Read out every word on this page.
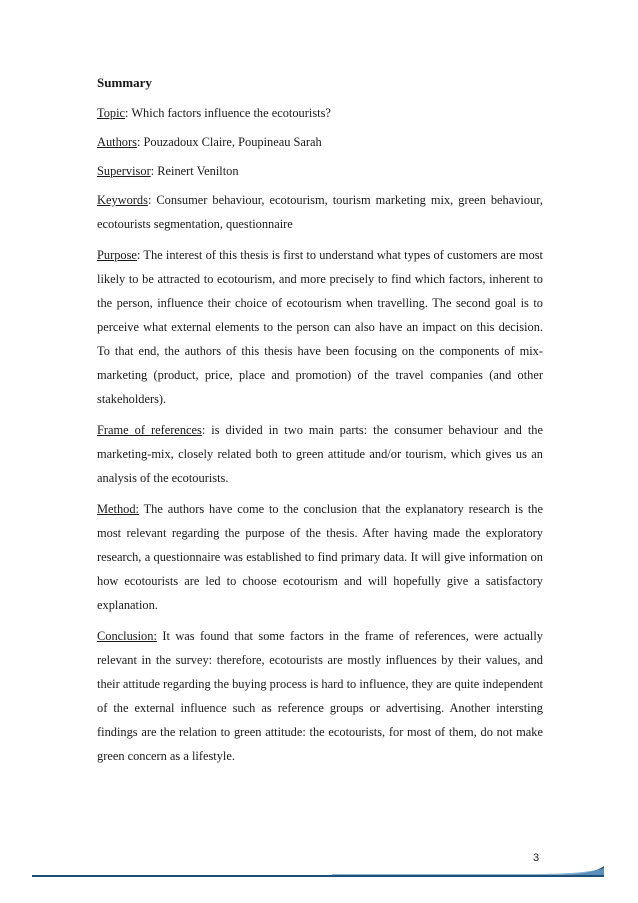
Summary

Topic: Which factors influence the ecotourists?

Authors: Pouzadoux Claire, Poupineau Sarah

Supervisor: Reinert Venilton

Keywords: Consumer behaviour, ecotourism, tourism marketing mix, green behaviour, ecotourists segmentation, questionnaire

Purpose: The interest of this thesis is first to understand what types of customers are most likely to be attracted to ecotourism, and more precisely to find which factors, inherent to the person, influence their choice of ecotourism when travelling. The second goal is to perceive what external elements to the person can also have an impact on this decision. To that end, the authors of this thesis have been focusing on the components of mix-marketing (product, price, place and promotion) of the travel companies (and other stakeholders).

Frame of references: is divided in two main parts: the consumer behaviour and the marketing-mix, closely related both to green attitude and/or tourism, which gives us an analysis of the ecotourists.

Method: The authors have come to the conclusion that the explanatory research is the most relevant regarding the purpose of the thesis. After having made the exploratory research, a questionnaire was established to find primary data. It will give information on how ecotourists are led to choose ecotourism and will hopefully give a satisfactory explanation.

Conclusion: It was found that some factors in the frame of references, were actually relevant in the survey: therefore, ecotourists are mostly influences by their values, and their attitude regarding the buying process is hard to influence, they are quite independent of the external influence such as reference groups or advertising. Another intersting findings are the relation to green attitude: the ecotourists, for most of them, do not make green concern as a lifestyle.

3
